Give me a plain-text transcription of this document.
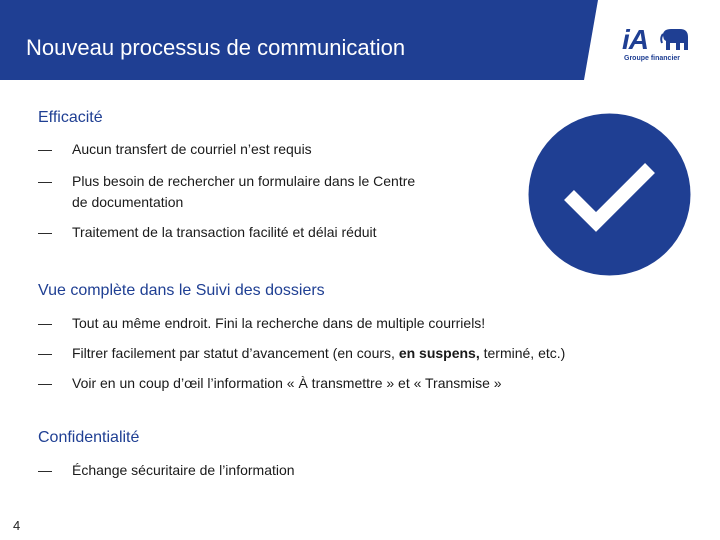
Nouveau processus de communication	iA
Groupe financier
Efficacité
— Aucun transfert de courriel n’est requis
— Plus besoin de rechercher un formulaire dans le Centre de documentation
— Traitement de la transaction facilité et délai réduit
Vue complète dans le Suivi des dossiers
— Tout au même endroit. Fini la recherche dans de multiple courriels!
— Filtrer facilement par statut d’avancement (en cours, en suspens, terminé, etc.)
— Voir en un coup d’œil l’information « À transmettre » et « Transmise »
Confidentialité
— Échange sécuritaire de l’information
4
